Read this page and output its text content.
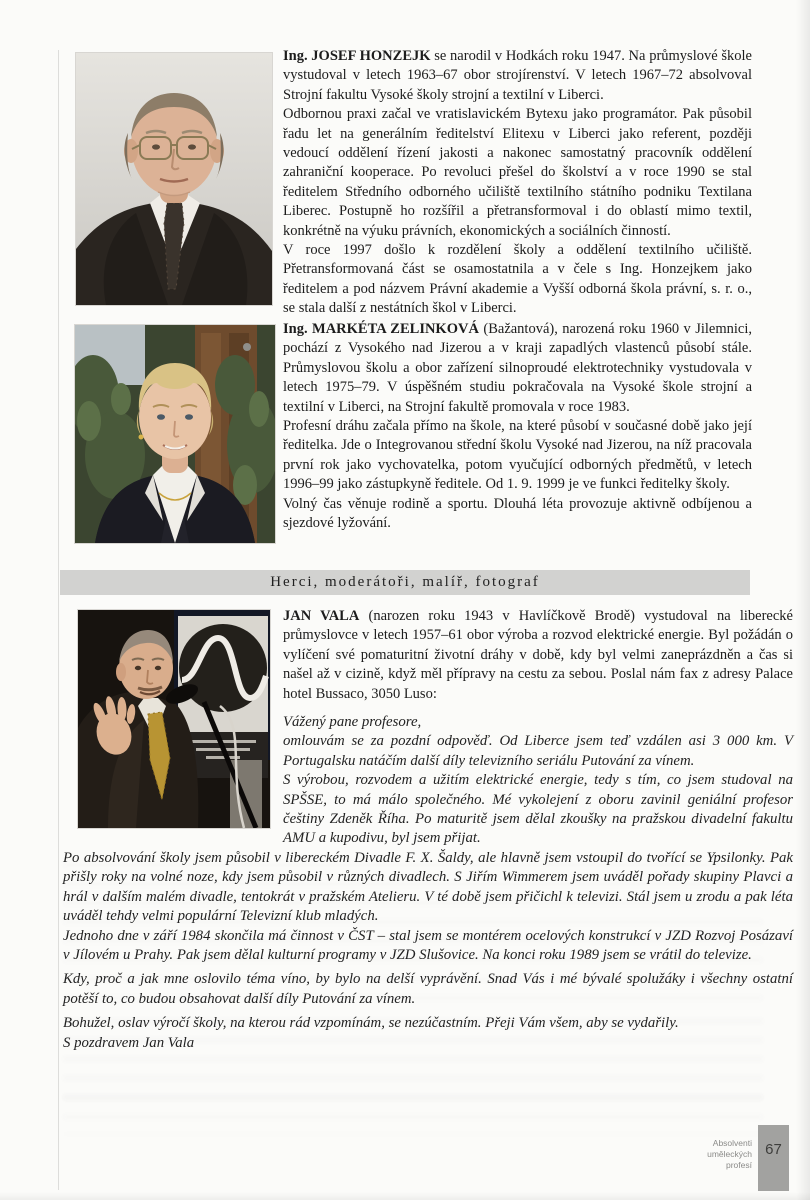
Ing. JOSEF HONZEJK se narodil v Hodkách roku 1947. Na průmyslové škole vystudoval v letech 1963–67 obor strojírenství. V letech 1967–72 absolvoval Strojní fakultu Vysoké školy strojní a textilní v Liberci.

Odbornou praxi začal ve vratislavickém Bytexu jako programátor. Pak působil řadu let na generálním ředitelství Elitexu v Liberci jako referent, později vedoucí oddělení řízení jakosti a nakonec samostatný pracovník oddělení zahraniční kooperace. Po revoluci přešel do školství a v roce 1990 se stal ředitelem Středního odborného učiliště textilního státního podniku Textilana Liberec. Postupně ho rozšířil a přetransformoval i do oblastí mimo textil, konkrétně na výuku právních, ekonomických a sociálních činností.

V roce 1997 došlo k rozdělení školy a oddělení textilního učiliště. Přetransformovaná část se osamostatnila a v čele s Ing. Honzejkem jako ředitelem a pod názvem Právní akademie a Vyšší odborná škola právní, s. r. o., se stala další z nestátních škol v Liberci.

Ing. MARKÉTA ZELINKOVÁ (Bažantová), narozená roku 1960 v Jilemnici, pochází z Vysokého nad Jizerou a v kraji zapadlých vlastenců působí stále. Průmyslovou školu a obor zařízení silnoproudé elektrotechniky vystudovala v letech 1975–79. V úspěšném studiu pokračovala na Vysoké škole strojní a textilní v Liberci, na Strojní fakultě promovala v roce 1983.

Profesní dráhu začala přímo na škole, na které působí v současné době jako její ředitelka. Jde o Integrovanou střední školu Vysoké nad Jizerou, na níž pracovala první rok jako vychovatelka, potom vyučující odborných předmětů, v letech 1996–99 jako zástupkyně ředitele. Od 1. 9. 1999 je ve funkci ředitelky školy.

Volný čas věnuje rodině a sportu. Dlouhá léta provozuje aktivně odbíjenou a sjezdové lyžování.

Herci, moderátoři, malíř, fotograf

JAN VALA (narozen roku 1943 v Havlíčkově Brodě) vystudoval na liberecké průmyslovce v letech 1957–61 obor výroba a rozvod elektrické energie. Byl požádán o vylíčení své pomaturitní životní dráhy v době, kdy byl velmi zaneprázdněn a čas si našel až v cizině, když měl přípravy na cestu za sebou. Poslal nám fax z adresy Palace hotel Bussaco, 3050 Luso:

Vážený pane profesore,

omlouvám se za pozdní odpověď. Od Liberce jsem teď vzdálen asi 3 000 km. V Portugalsku natáčím další díly televizního seriálu Putování za vínem.

S výrobou, rozvodem a užitím elektrické energie, tedy s tím, co jsem studoval na SPŠSE, to má málo společného. Mé vykolejení z oboru zavinil geniální profesor češtiny Zdeněk Říha. Po maturitě jsem dělal zkoušky na pražskou divadelní fakultu AMU a kupodivu, byl jsem přijat.

Po absolvování školy jsem působil v libereckém Divadle F. X. Šaldy, ale hlavně jsem vstoupil do tvořící se Ypsilonky. Pak přišly roky na volné noze, kdy jsem působil v různých divadlech. S Jiřím Wimmerem jsem uváděl pořady skupiny Plavci a hrál v dalším malém divadle, tentokrát v pražském Atelieru. V té době jsem přičichl k televizi. Stál jsem u zrodu a pak léta uváděl tehdy velmi populární Televizní klub mladých.

Jednoho dne v září 1984 skončila má činnost v ČST – stal jsem se montérem ocelových konstrukcí v JZD Rozvoj Posázaví v Jílovém u Prahy. Pak jsem dělal kulturní programy v JZD Slušovice. Na konci roku 1989 jsem se vrátil do televize.

Kdy, proč a jak mne oslovilo téma víno, by bylo na delší vyprávění. Snad Vás i mé bývalé spolužáky i všechny ostatní potěší to, co budou obsahovat další díly Putování za vínem.

Bohužel, oslav výročí školy, na kterou rád vzpomínám, se nezúčastním. Přeji Vám všem, aby se vydařily.

S pozdravem Jan Vala

Absolventi
uměleckých
profesí
67
